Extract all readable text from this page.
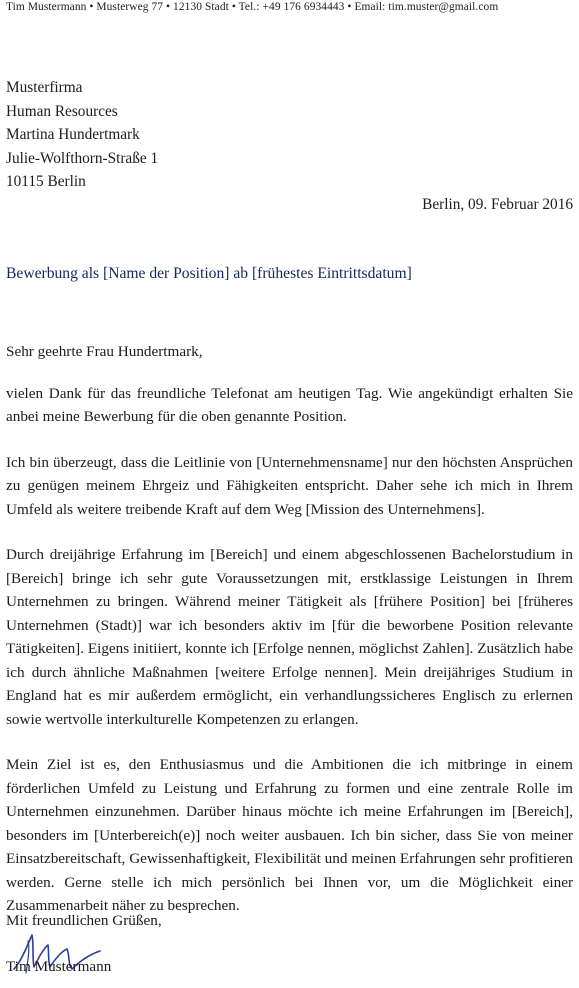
Tim Mustermann • Musterweg 77 • 12130 Stadt • Tel.: +49 176 6934443 • Email: tim.muster@gmail.com
Musterfirma
Human Resources
Martina Hundertmark
Julie-Wolfthorn-Straße 1
10115 Berlin
Berlin, 09. Februar 2016
Bewerbung als [Name der Position] ab [frühestes Eintrittsdatum]

Sehr geehrte Frau Hundertmark,

vielen Dank für das freundliche Telefonat am heutigen Tag. Wie angekündigt erhalten Sie anbei meine Bewerbung für die oben genannte Position.

Ich bin überzeugt, dass die Leitlinie von [Unternehmensname] nur den höchsten Ansprüchen zu genügen meinem Ehrgeiz und Fähigkeiten entspricht. Daher sehe ich mich in Ihrem Umfeld als weitere treibende Kraft auf dem Weg [Mission des Unternehmens].

Durch dreijährige Erfahrung im [Bereich] und einem abgeschlossenen Bachelorstudium in [Bereich] bringe ich sehr gute Voraussetzungen mit, erstklassige Leistungen in Ihrem Unternehmen zu bringen. Während meiner Tätigkeit als [frühere Position] bei [früheres Unternehmen (Stadt)] war ich besonders aktiv im [für die beworbene Position relevante Tätigkeiten]. Eigens initiiert, konnte ich [Erfolge nennen, möglichst Zahlen]. Zusätzlich habe ich durch ähnliche Maßnahmen [weitere Erfolge nennen]. Mein dreijähriges Studium in England hat es mir außerdem ermöglicht, ein verhandlungssicheres Englisch zu erlernen sowie wertvolle interkulturelle Kompetenzen zu erlangen.

Mein Ziel ist es, den Enthusiasmus und die Ambitionen die ich mitbringe in einem förderlichen Umfeld zu Leistung und Erfahrung zu formen und eine zentrale Rolle im Unternehmen einzunehmen. Darüber hinaus möchte ich meine Erfahrungen im [Bereich], besonders im [Unterbereich(e)] noch weiter ausbauen. Ich bin sicher, dass Sie von meiner Einsatzbereitschaft, Gewissenhaftigkeit, Flexibilität und meinen Erfahrungen sehr profitieren werden. Gerne stelle ich mich persönlich bei Ihnen vor, um die Möglichkeit einer Zusammenarbeit näher zu besprechen.

Mit freundlichen Grüßen,
Tim Mustermann
